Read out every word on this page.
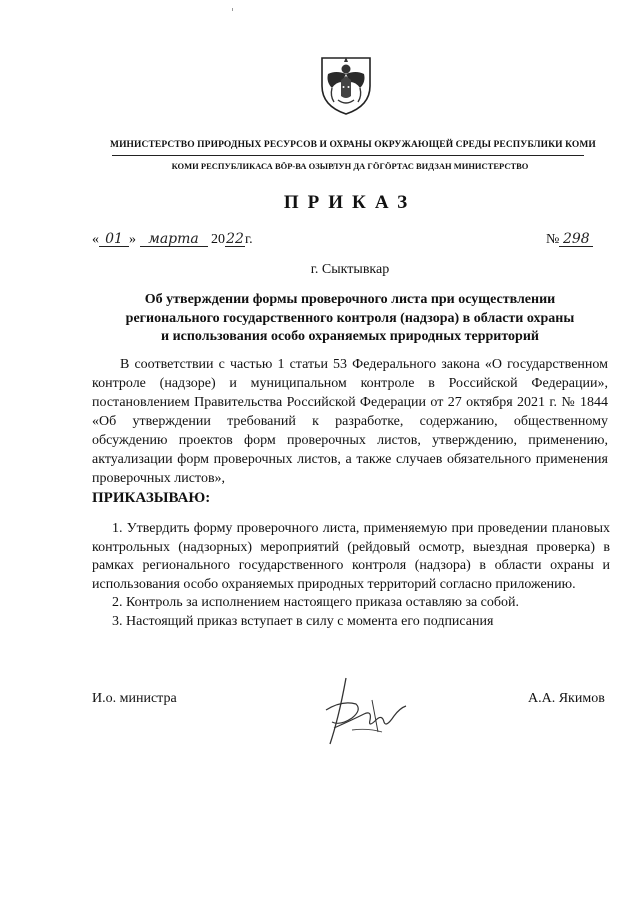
МИНИСТЕРСТВО ПРИРОДНЫХ РЕСУРСОВ И ОХРАНЫ ОКРУЖАЮЩЕЙ СРЕДЫ РЕСПУБЛИКИ КОМИ
КОМИ РЕСПУБЛИКАСА ВӦР-ВА ОЗЫРЛУН ДА ГӦГӦРТАС ВИДЗАН МИНИСТЕРСТВО
ПРИКАЗ
« 01 » марта 2022г.	№ 298
г. Сыктывкар
Об утверждении формы проверочного листа при осуществлении
регионального государственного контроля (надзора) в области охраны
и использования особо охраняемых природных территорий
В соответствии с частью 1 статьи 53 Федерального закона «О государственном контроле (надзоре) и муниципальном контроле в Российской Федерации», постановлением Правительства Российской Федерации от 27 октября 2021 г. № 1844 «Об утверждении требований к разработке, содержанию, общественному обсуждению проектов форм проверочных листов, утверждению, применению, актуализации форм проверочных листов, а также случаев обязательного применения проверочных листов»,
ПРИКАЗЫВАЮ:
1. Утвердить форму проверочного листа, применяемую при проведении плановых контрольных (надзорных) мероприятий (рейдовый осмотр, выездная проверка) в рамках регионального государственного контроля (надзора) в области охраны и использования особо охраняемых природных территорий согласно приложению.
2. Контроль за исполнением настоящего приказа оставляю за собой.
3. Настоящий приказ вступает в силу с момента его подписания
И.о. министра	А.А. Якимов
